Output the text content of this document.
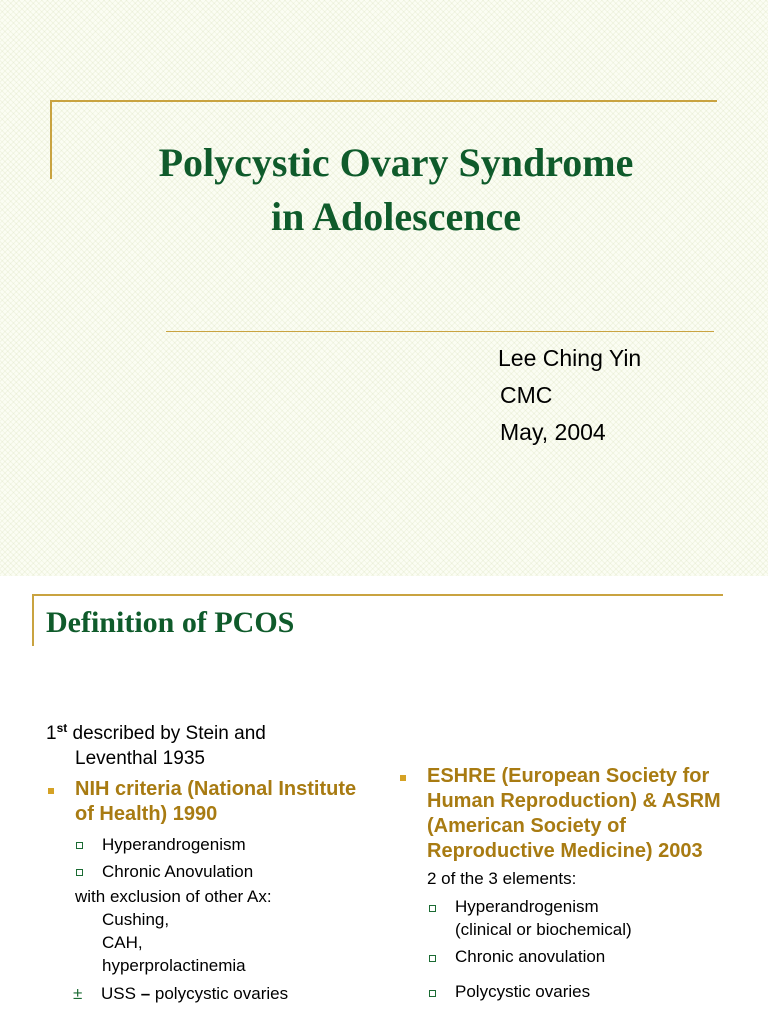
Polycystic Ovary Syndrome
in Adolescence
Lee Ching Yin
CMC
May, 2004
Definition of PCOS
1st described by Stein and
Leventhal 1935
NIH criteria (National Institute of Health) 1990
Hyperandrogenism
Chronic Anovulation
with exclusion of other Ax:
Cushing,
CAH,
hyperprolactinemia
± USS – polycystic ovaries
ESHRE (European Society for Human Reproduction) & ASRM (American Society of Reproductive Medicine) 2003
2 of the 3 elements:
Hyperandrogenism
(clinical or biochemical)
Chronic anovulation
Polycystic ovaries
